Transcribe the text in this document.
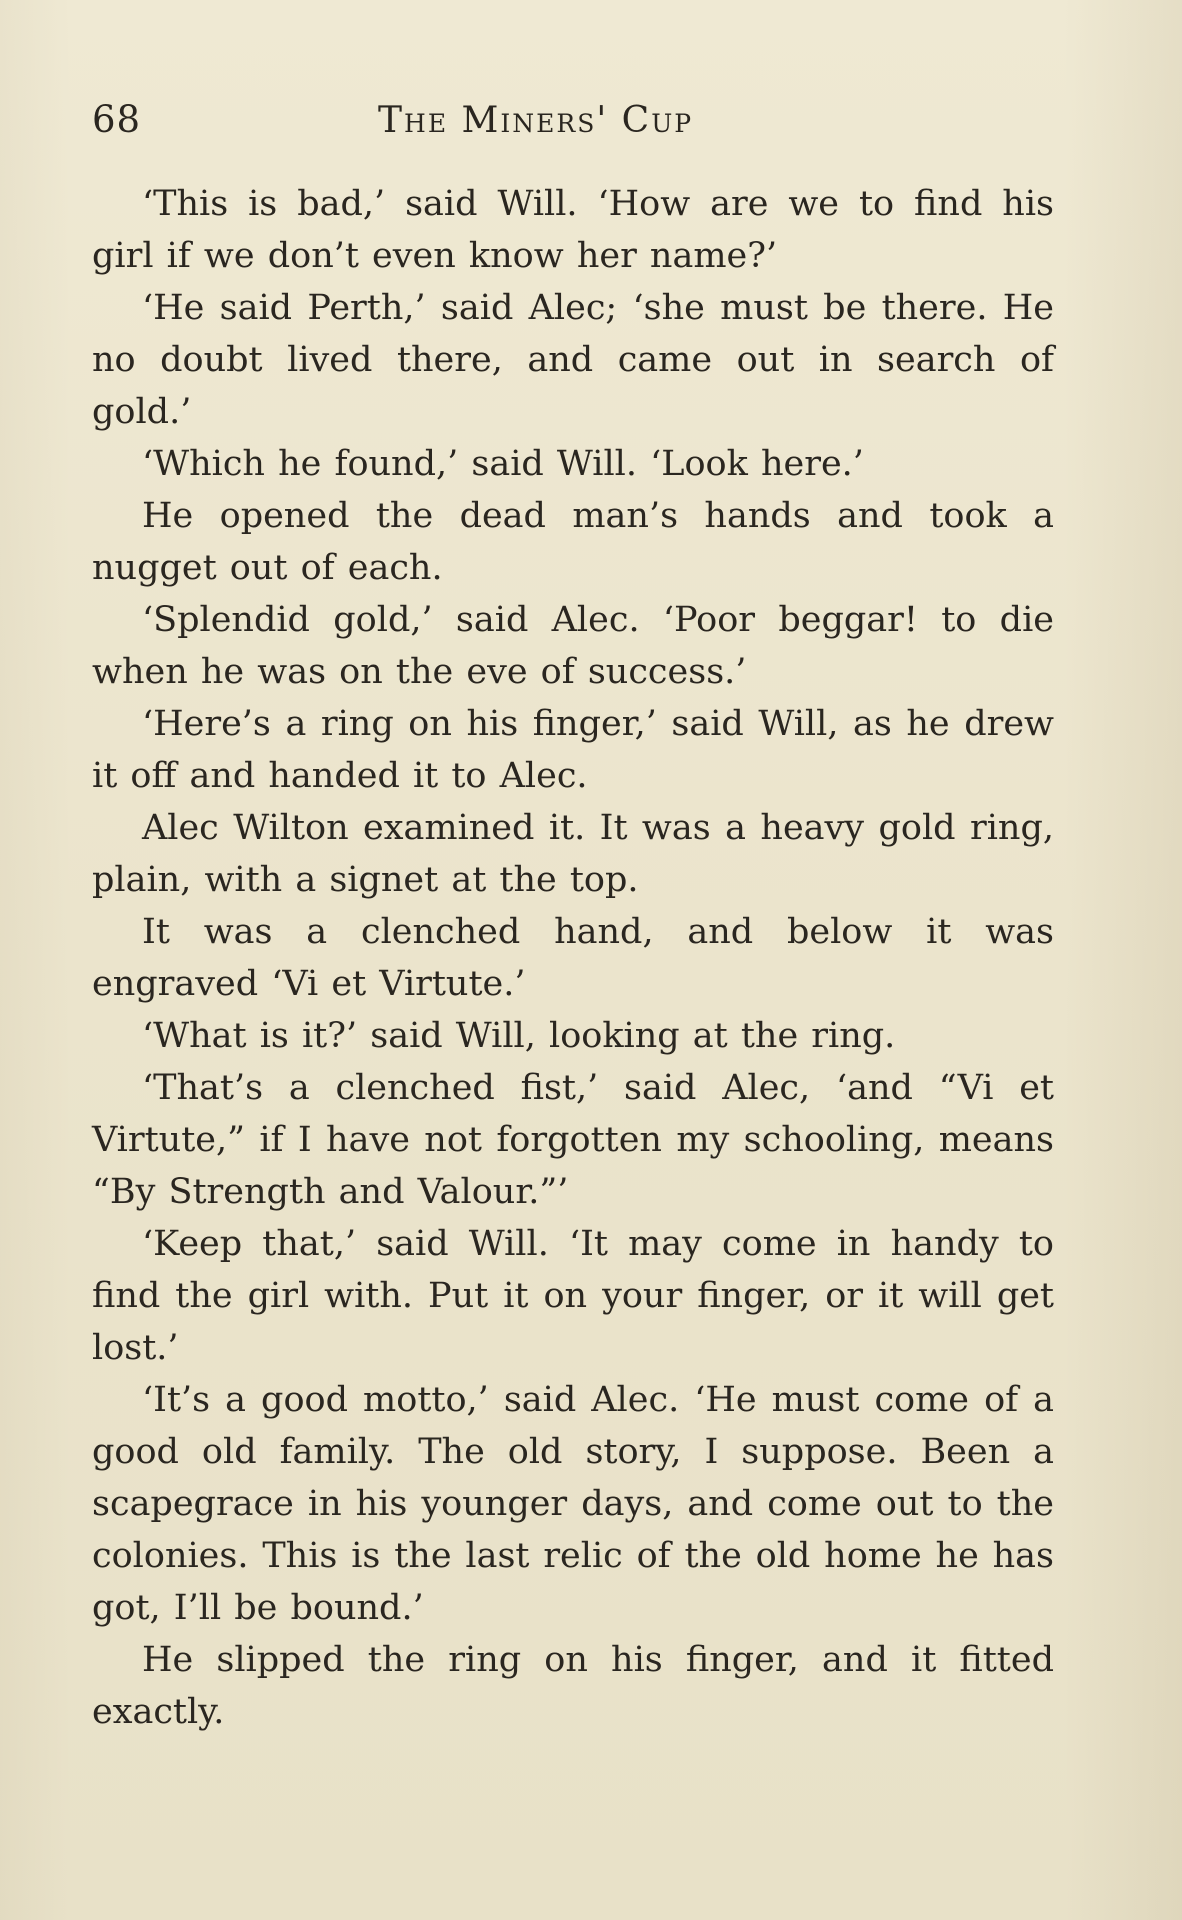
68	The Miners' Cup

‘This is bad,’ said Will. ‘How are we to find his girl if we don’t even know her name?’

‘He said Perth,’ said Alec; ‘she must be there. He no doubt lived there, and came out in search of gold.’

‘Which he found,’ said Will. ‘Look here.’

He opened the dead man’s hands and took a nugget out of each.

‘Splendid gold,’ said Alec. ‘Poor beggar! to die when he was on the eve of success.’

‘Here’s a ring on his finger,’ said Will, as he drew it off and handed it to Alec.

Alec Wilton examined it. It was a heavy gold ring, plain, with a signet at the top.

It was a clenched hand, and below it was engraved ‘Vi et Virtute.’

‘What is it?’ said Will, looking at the ring.

‘That’s a clenched fist,’ said Alec, ‘and “Vi et Virtute,” if I have not forgotten my schooling, means “By Strength and Valour.”’

‘Keep that,’ said Will. ‘It may come in handy to find the girl with. Put it on your finger, or it will get lost.’

‘It’s a good motto,’ said Alec. ‘He must come of a good old family. The old story, I suppose. Been a scapegrace in his younger days, and come out to the colonies. This is the last relic of the old home he has got, I’ll be bound.’

He slipped the ring on his finger, and it fitted exactly.
